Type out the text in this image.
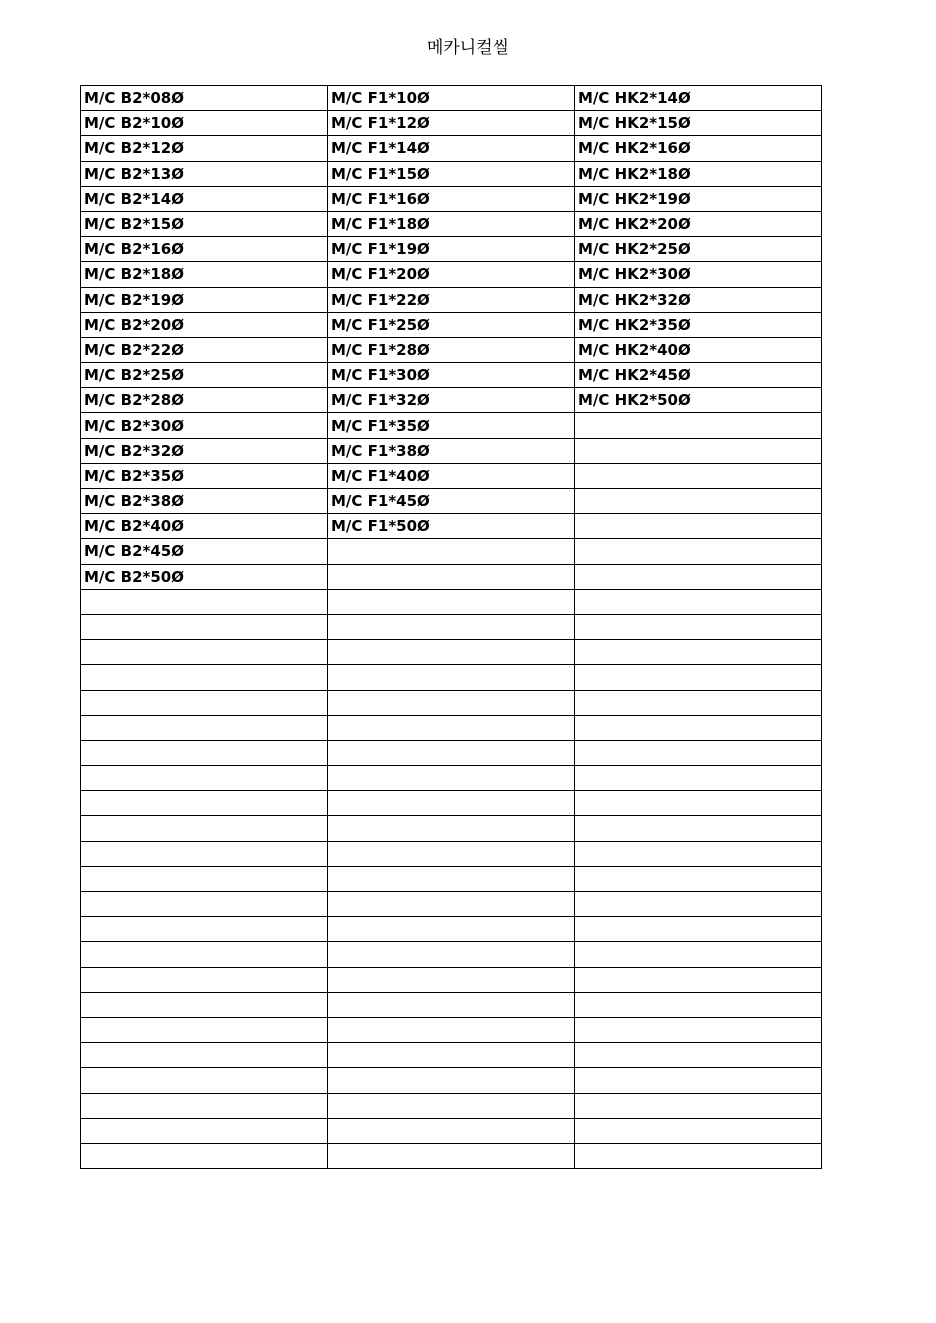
메카니컬씰
M/C B2*08Ø	M/C F1*10Ø	M/C HK2*14Ø
M/C B2*10Ø	M/C F1*12Ø	M/C HK2*15Ø
M/C B2*12Ø	M/C F1*14Ø	M/C HK2*16Ø
M/C B2*13Ø	M/C F1*15Ø	M/C HK2*18Ø
M/C B2*14Ø	M/C F1*16Ø	M/C HK2*19Ø
M/C B2*15Ø	M/C F1*18Ø	M/C HK2*20Ø
M/C B2*16Ø	M/C F1*19Ø	M/C HK2*25Ø
M/C B2*18Ø	M/C F1*20Ø	M/C HK2*30Ø
M/C B2*19Ø	M/C F1*22Ø	M/C HK2*32Ø
M/C B2*20Ø	M/C F1*25Ø	M/C HK2*35Ø
M/C B2*22Ø	M/C F1*28Ø	M/C HK2*40Ø
M/C B2*25Ø	M/C F1*30Ø	M/C HK2*45Ø
M/C B2*28Ø	M/C F1*32Ø	M/C HK2*50Ø
M/C B2*30Ø	M/C F1*35Ø	
M/C B2*32Ø	M/C F1*38Ø	
M/C B2*35Ø	M/C F1*40Ø	
M/C B2*38Ø	M/C F1*45Ø	
M/C B2*40Ø	M/C F1*50Ø	
M/C B2*45Ø		
M/C B2*50Ø		
